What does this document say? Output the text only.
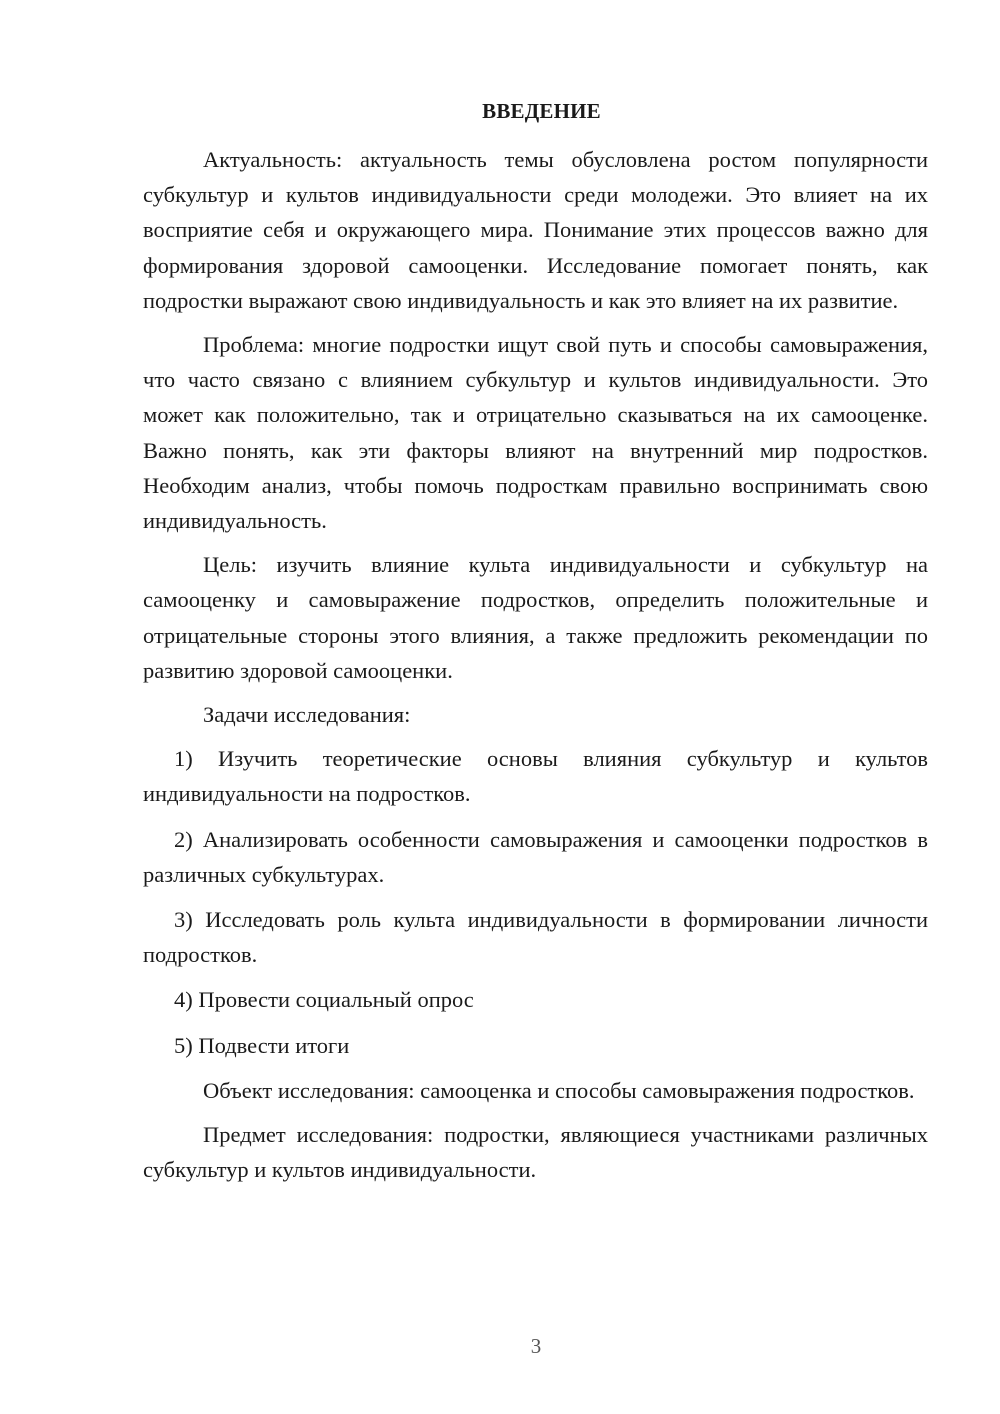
ВВЕДЕНИЕ

Актуальность: актуальность темы обусловлена ростом популярности субкультур и культов индивидуальности среди молодежи. Это влияет на их восприятие себя и окружающего мира. Понимание этих процессов важно для формирования здоровой самооценки. Исследование помогает понять, как подростки выражают свою индивидуальность и как это влияет на их развитие.

Проблема: многие подростки ищут свой путь и способы самовыражения, что часто связано с влиянием субкультур и культов индивидуальности. Это может как положительно, так и отрицательно сказываться на их самооценке. Важно понять, как эти факторы влияют на внутренний мир подростков. Необходим анализ, чтобы помочь подросткам правильно воспринимать свою индивидуальность.

Цель: изучить влияние культа индивидуальности и субкультур на самооценку и самовыражение подростков, определить положительные и отрицательные стороны этого влияния, а также предложить рекомендации по развитию здоровой самооценки.

Задачи исследования:

1) Изучить теоретические основы влияния субкультур и культов индивидуальности на подростков.

2) Анализировать особенности самовыражения и самооценки подростков в различных субкультурах.

3) Исследовать роль культа индивидуальности в формировании личности подростков.

4) Провести социальный опрос

5) Подвести итоги

Объект исследования: самооценка и способы самовыражения подростков.

Предмет исследования: подростки, являющиеся участниками различных субкультур и культов индивидуальности.

3
